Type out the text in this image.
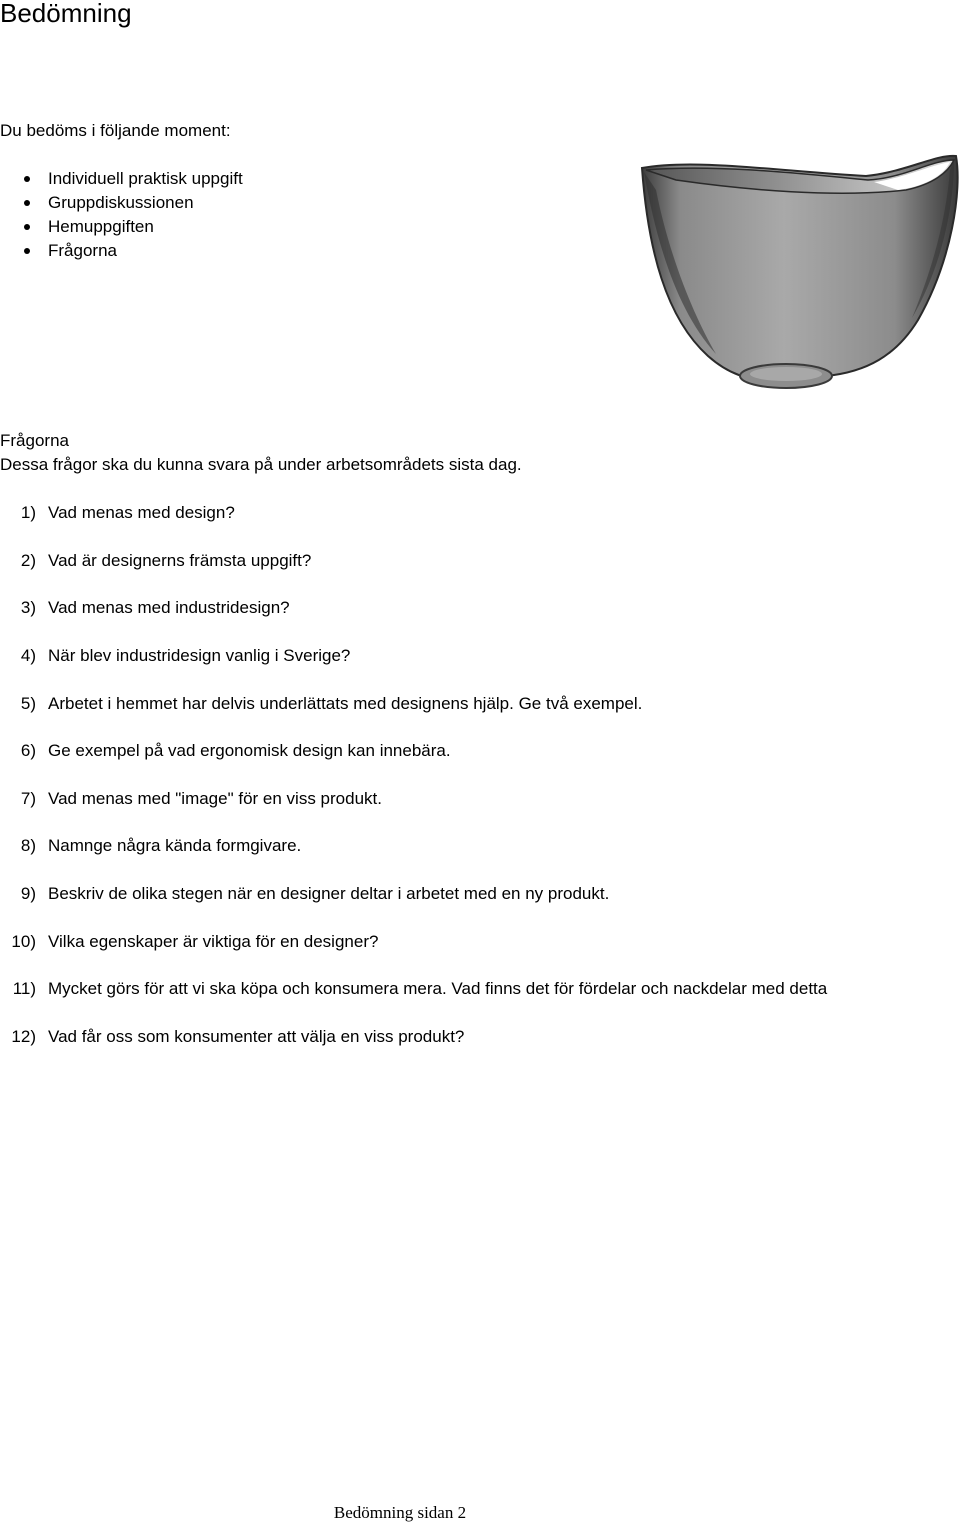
Bedömning

Du bedöms i följande moment:

Individuell praktisk uppgift
Gruppdiskussionen
Hemuppgiften
Frågorna

Frågorna

Dessa frågor ska du kunna svara på under arbetsområdets sista dag.

1) Vad menas med design?
2) Vad är designerns främsta uppgift?
3) Vad menas med industridesign?
4) När blev industridesign vanlig i Sverige?
5) Arbetet i hemmet har delvis underlättats med designens hjälp. Ge två exempel.
6) Ge exempel på vad ergonomisk design kan innebära.
7) Vad menas med "image" för en viss produkt.
8) Namnge några kända formgivare.
9) Beskriv de olika stegen när en designer deltar i arbetet med en ny produkt.
10) Vilka egenskaper är viktiga för en designer?
11) Mycket görs för att vi ska köpa och konsumera mera. Vad finns det för fördelar och nackdelar med detta
12) Vad får oss som konsumenter att välja en viss produkt?

Bedömning sidan 2
